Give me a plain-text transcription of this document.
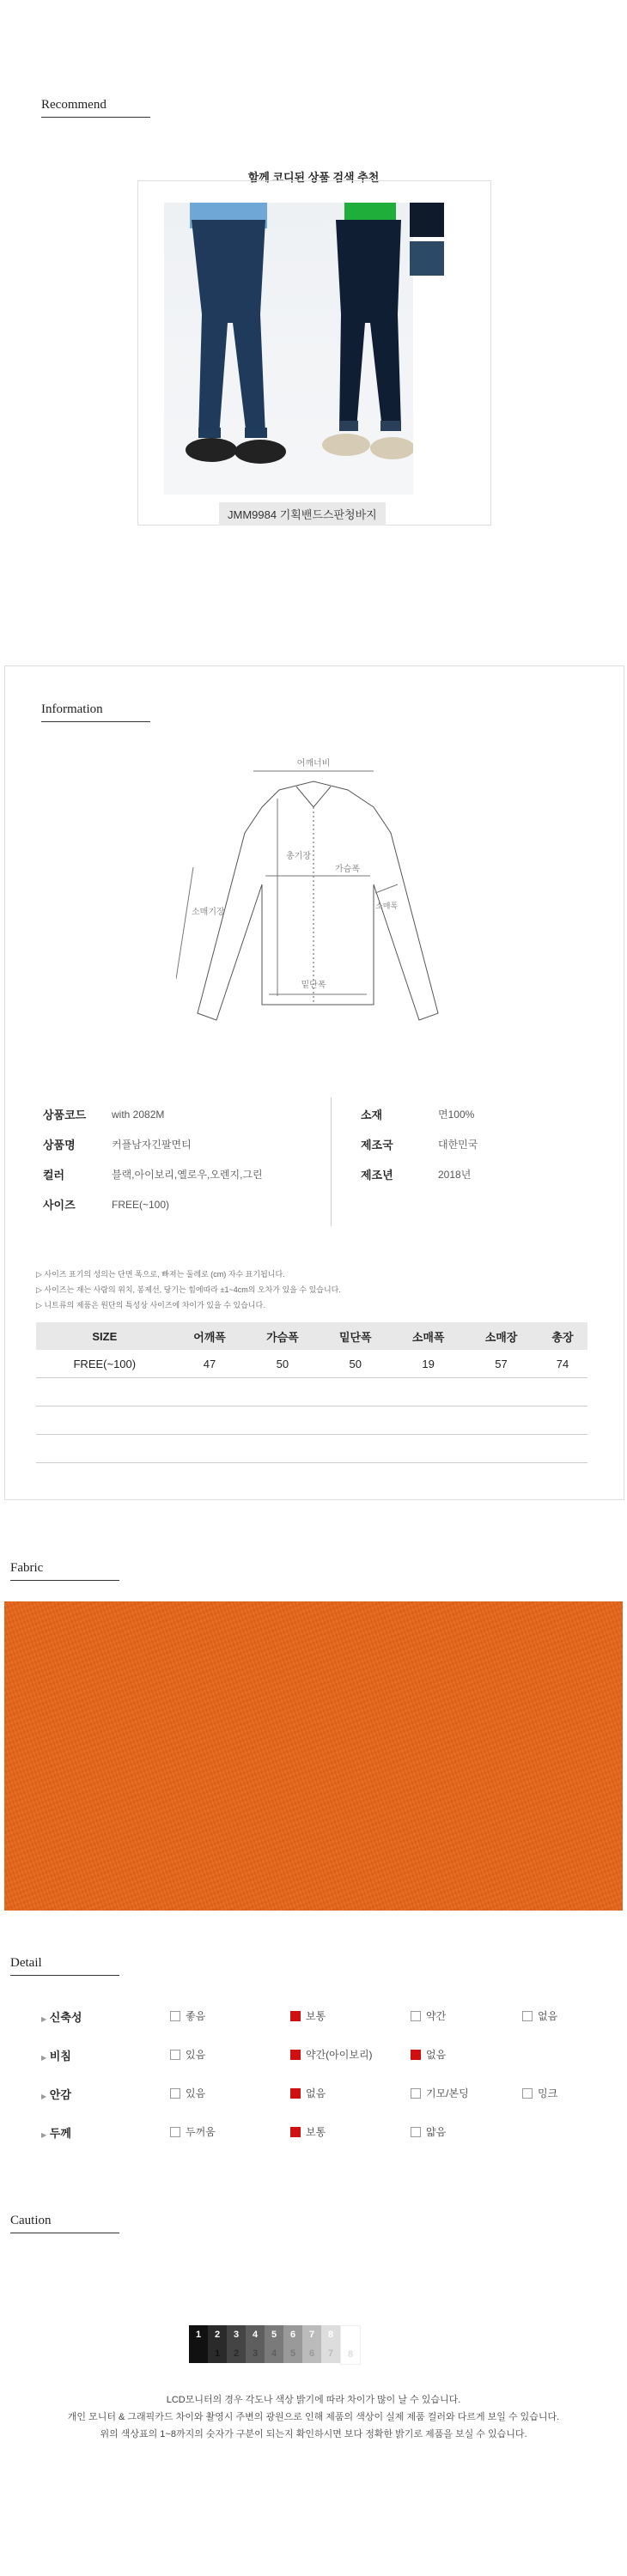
Recommend
함께 코디된 상품 검색 추천
JMM9984 기획밴드스판청바지
Information
어깨너비
총기장
가슴폭
소매기장
소매폭
밑단폭
상품코드	with 2082M
상품명	커플남자긴팔면티
컬러	블랙,아이보리,옐로우,오렌지,그린
사이즈	FREE(~100)
소재	면100%
제조국	대한민국
제조년	2018년
▷ 사이즈 표기의 성의는 단면 폭으로, 빠져는 둘레로 (cm) 자수 표기됩니다.
▷ 사이즈는 재는 사람의 위치, 봉제선, 당기는 힘에따라 ±1~4cm의 오차가 있을 수 있습니다.
▷ 니트류의 제품은 원단의 특성상 사이즈에 차이가 있을 수 있습니다.
SIZE	어깨폭	가슴폭	밑단폭	소매폭	소매장	총장
FREE(~100)	47	50	50	19	57	74

Fabric
Detail
▶ 신축성	좋음	보통	약간	없음
▶ 비침	있음	약간(아이보리)	없음
▶ 안감	있음	없음	기모/본딩	밍크
▶ 두께	두꺼움	보통	얇음
Caution
1
.
2
1
3
2
4
3
5
4
6
5
7
6
8
7
.
8
LCD모니터의 경우 각도나 색상 밝기에 따라 차이가 많이 날 수 있습니다.
개인 모니터 & 그래픽카드 차이와 촬영시 주변의 광원으로 인해 제품의 색상이 실제 제품 컬러와 다르게 보일 수 있습니다.
위의 색상표의 1~8까지의 숫자가 구분이 되는지 확인하시면 보다 정확한 밝기로 제품을 보실 수 있습니다.
